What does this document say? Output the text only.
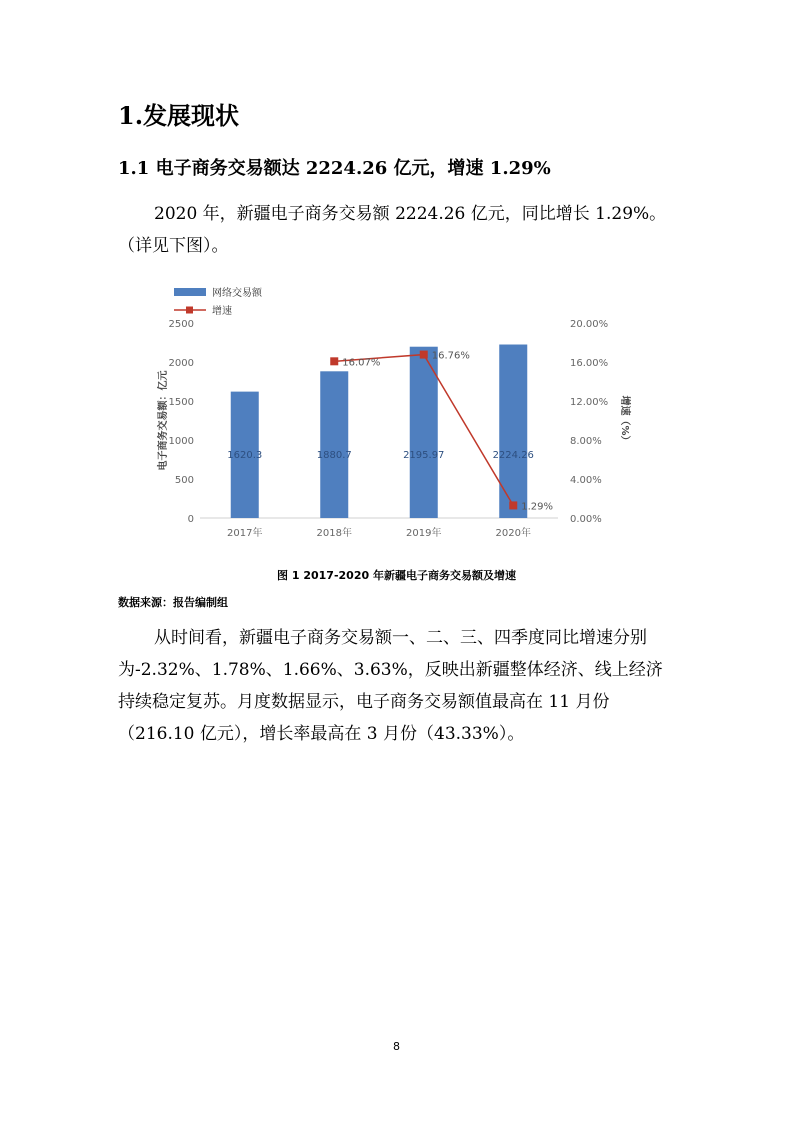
1.发展现状
1.1 电子商务交易额达 2224.26 亿元，增速 1.29%
2020 年，新疆电子商务交易额 2224.26 亿元，同比增长 1.29%。（详见下图）。
网络交易额
增速
0
500
1000
1500
2000
2500
0.00%
4.00%
8.00%
12.00%
16.00%
20.00%
电子商务交易额：亿元	增速（%）
1620.3
2017年
1880.7
2018年
2195.97
2019年
2224.26
2020年
16.07%
16.76%
1.29%
图 1 2017-2020 年新疆电子商务交易额及增速
数据来源：报告编制组
从时间看，新疆电子商务交易额一、二、三、四季度同比增速分别为-2.32%、1.78%、1.66%、3.63%，反映出新疆整体经济、线上经济持续稳定复苏。月度数据显示，电子商务交易额值最高在 11 月份（216.10 亿元），增长率最高在 3 月份（43.33%）。
8
